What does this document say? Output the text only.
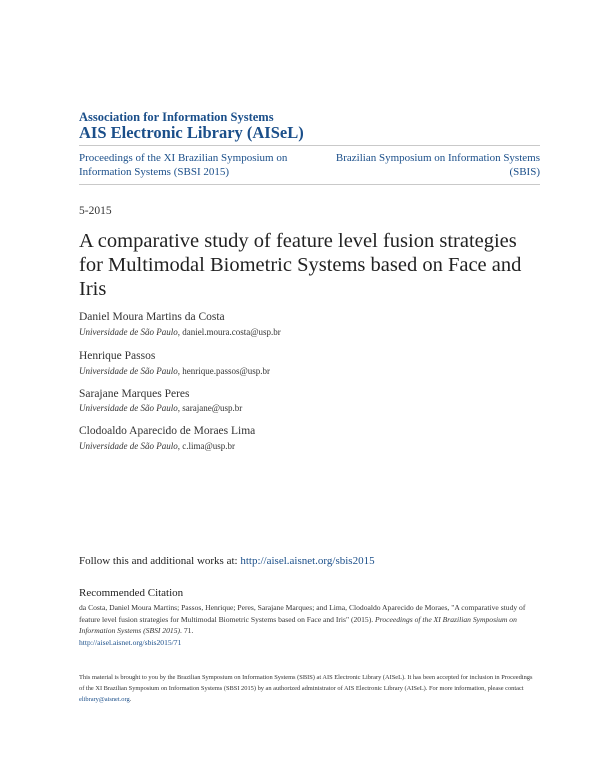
Association for Information Systems
AIS Electronic Library (AISeL)
Proceedings of the XI Brazilian Symposium on Information Systems (SBSI 2015)
Brazilian Symposium on Information Systems
(SBIS)
5-2015
A comparative study of feature level fusion strategies for Multimodal Biometric Systems based on Face and Iris
Daniel Moura Martins da Costa
Universidade de São Paulo, daniel.moura.costa@usp.br
Henrique Passos
Universidade de São Paulo, henrique.passos@usp.br
Sarajane Marques Peres
Universidade de São Paulo, sarajane@usp.br
Clodoaldo Aparecido de Moraes Lima
Universidade de São Paulo, c.lima@usp.br
Follow this and additional works at: http://aisel.aisnet.org/sbis2015
Recommended Citation
da Costa, Daniel Moura Martins; Passos, Henrique; Peres, Sarajane Marques; and Lima, Clodoaldo Aparecido de Moraes, "A comparative study of feature level fusion strategies for Multimodal Biometric Systems based on Face and Iris" (2015). Proceedings of the XI Brazilian Symposium on Information Systems (SBSI 2015). 71.
http://aisel.aisnet.org/sbis2015/71
This material is brought to you by the Brazilian Symposium on Information Systems (SBIS) at AIS Electronic Library (AISeL). It has been accepted for inclusion in Proceedings of the XI Brazilian Symposium on Information Systems (SBSI 2015) by an authorized administrator of AIS Electronic Library (AISeL). For more information, please contact elibrary@aisnet.org.
